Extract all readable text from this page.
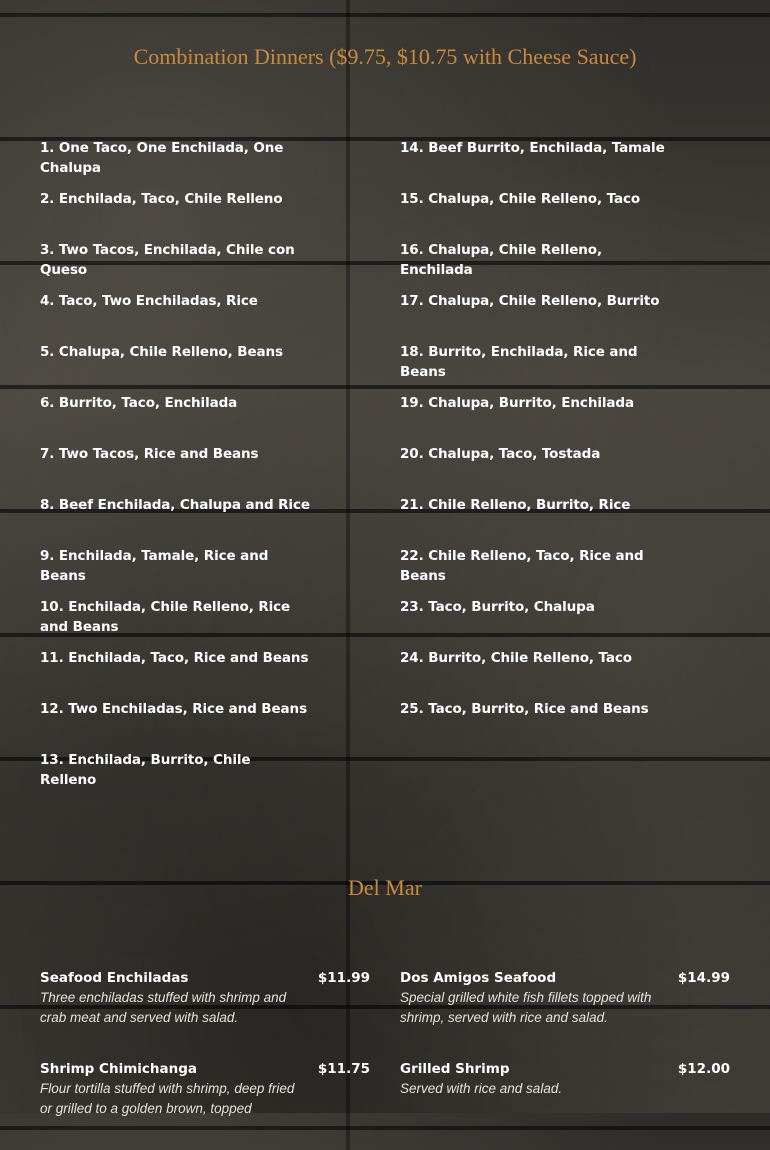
Combination Dinners ($9.75, $10.75 with Cheese Sauce)

1. One Taco, One Enchilada, One Chalupa

2. Enchilada, Taco, Chile Relleno

3. Two Tacos, Enchilada, Chile con Queso

4. Taco, Two Enchiladas, Rice

5. Chalupa, Chile Relleno, Beans

6. Burrito, Taco, Enchilada

7. Two Tacos, Rice and Beans

8. Beef Enchilada, Chalupa and Rice

9. Enchilada, Tamale, Rice and Beans

10. Enchilada, Chile Relleno, Rice and Beans

11. Enchilada, Taco, Rice and Beans

12. Two Enchiladas, Rice and Beans

13. Enchilada, Burrito, Chile Relleno

14. Beef Burrito, Enchilada, Tamale

15. Chalupa, Chile Relleno, Taco

16. Chalupa, Chile Relleno, Enchilada

17. Chalupa, Chile Relleno, Burrito

18. Burrito, Enchilada, Rice and Beans

19. Chalupa, Burrito, Enchilada

20. Chalupa, Taco, Tostada

21. Chile Relleno, Burrito, Rice

22. Chile Relleno, Taco, Rice and Beans

23. Taco, Burrito, Chalupa

24. Burrito, Chile Relleno, Taco

25. Taco, Burrito, Rice and Beans

Del Mar
Seafood Enchiladas	$11.99
Three enchiladas stuffed with shrimp and crab meat and served with salad.
Shrimp Chimichanga	$11.75
Flour tortilla stuffed with shrimp, deep fried or grilled to a golden brown, topped
Dos Amigos Seafood	$14.99
Special grilled white fish fillets topped with shrimp, served with rice and salad.
Grilled Shrimp	$12.00
Served with rice and salad.
